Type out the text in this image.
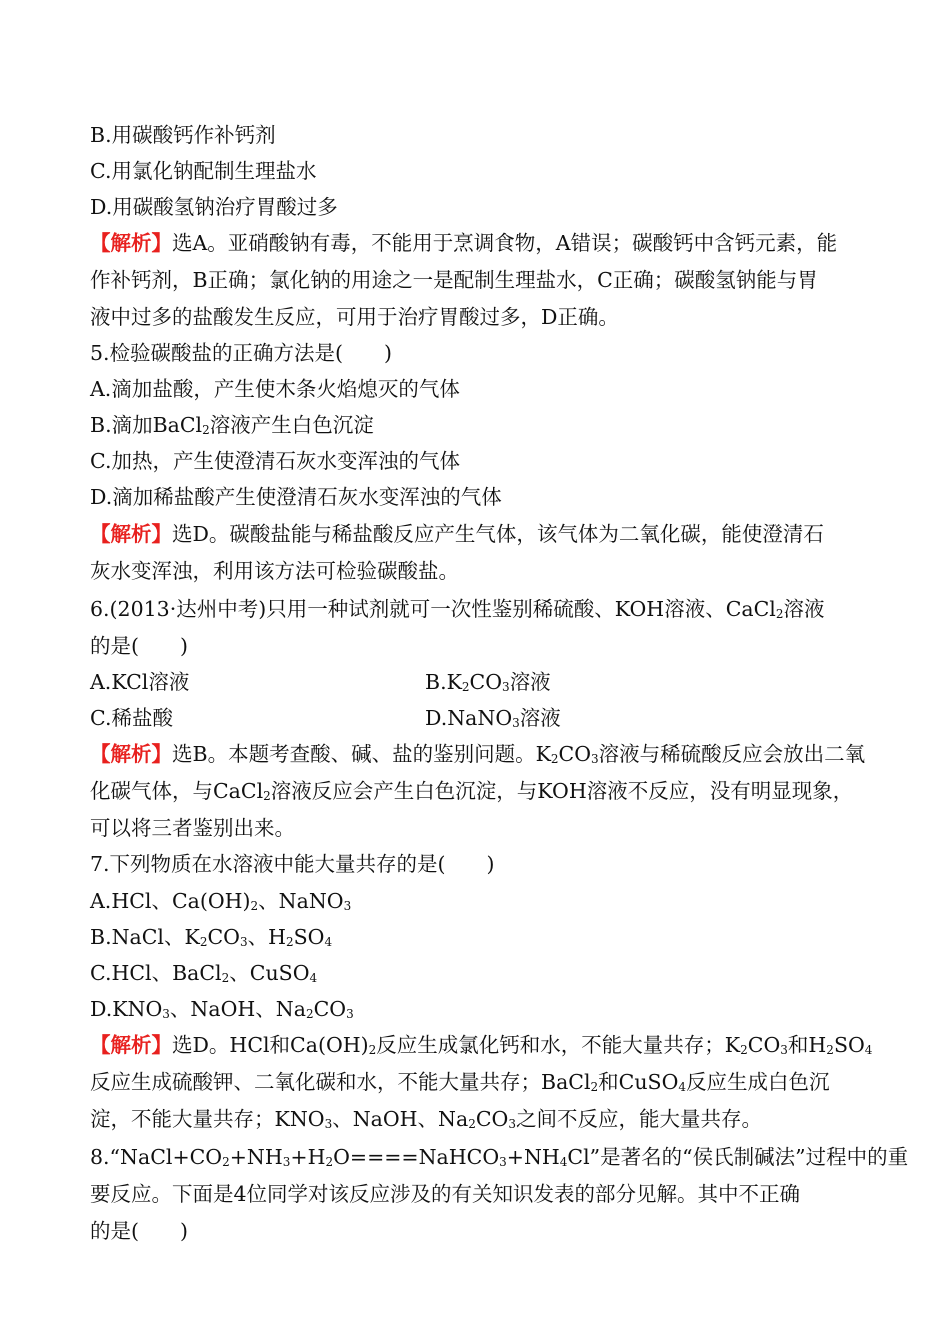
B.用碳酸钙作补钙剂
C.用氯化钠配制生理盐水
D.用碳酸氢钠治疗胃酸过多
【解析】选A。亚硝酸钠有毒，不能用于烹调食物，A错误；碳酸钙中含钙元素，能
作补钙剂，B正确；氯化钠的用途之一是配制生理盐水，C正确；碳酸氢钠能与胃
液中过多的盐酸发生反应，可用于治疗胃酸过多，D正确。
5.检验碳酸盐的正确方法是(　　)
A.滴加盐酸，产生使木条火焰熄灭的气体
B.滴加BaCl$_2$溶液产生白色沉淀
C.加热，产生使澄清石灰水变浑浊的气体
D.滴加稀盐酸产生使澄清石灰水变浑浊的气体
【解析】选D。碳酸盐能与稀盐酸反应产生气体，该气体为二氧化碳，能使澄清石
灰水变浑浊，利用该方法可检验碳酸盐。
6.(2013·达州中考)只用一种试剂就可一次性鉴别稀硫酸、KOH溶液、CaCl$_2$溶液
的是(　　)
A.KCl溶液	$B.K_2CO_3$溶液
C.稀盐酸	D.NaNO$_3$溶液
【解析】选B。本题考查酸、碱、盐的鉴别问题。$K_2CO_3$溶液与稀硫酸反应会放出二氧
化碳气体，与CaCl$_2$溶液反应会产生白色沉淀，与KOH溶液不反应，没有明显现象，
可以将三者鉴别出来。
7.下列物质在水溶液中能大量共存的是(　　)
A.HCl、$Ca(OH)_2$、NaNO$_3$
B.NaCl、$K_2CO_3$、$H_2SO_4$
C.HCl、BaCl$_2$、CuSO$_4$
$D.KNO_3$、NaOH、$Na_2CO_3$
【解析】选D。HCl和$Ca(OH)_2$反应生成氯化钙和水，不能大量共存；$K_2CO_3$和$H_2SO_4$
反应生成硫酸钾、二氧化碳和水，不能大量共存；BaCl$_2$和CuSO$_4$反应生成白色沉
淀，不能大量共存；$KNO_3$、NaOH、$Na_2CO_3$之间不反应，能大量共存。
$8.“NaCl+CO_2+NH_3+H_2O====NaHCO_3+NH_4Cl$”是著名的“侯氏制碱法”过程中的重
要反应。下面是4位同学对该反应涉及的有关知识发表的部分见解。其中不正确
的是(　　)
